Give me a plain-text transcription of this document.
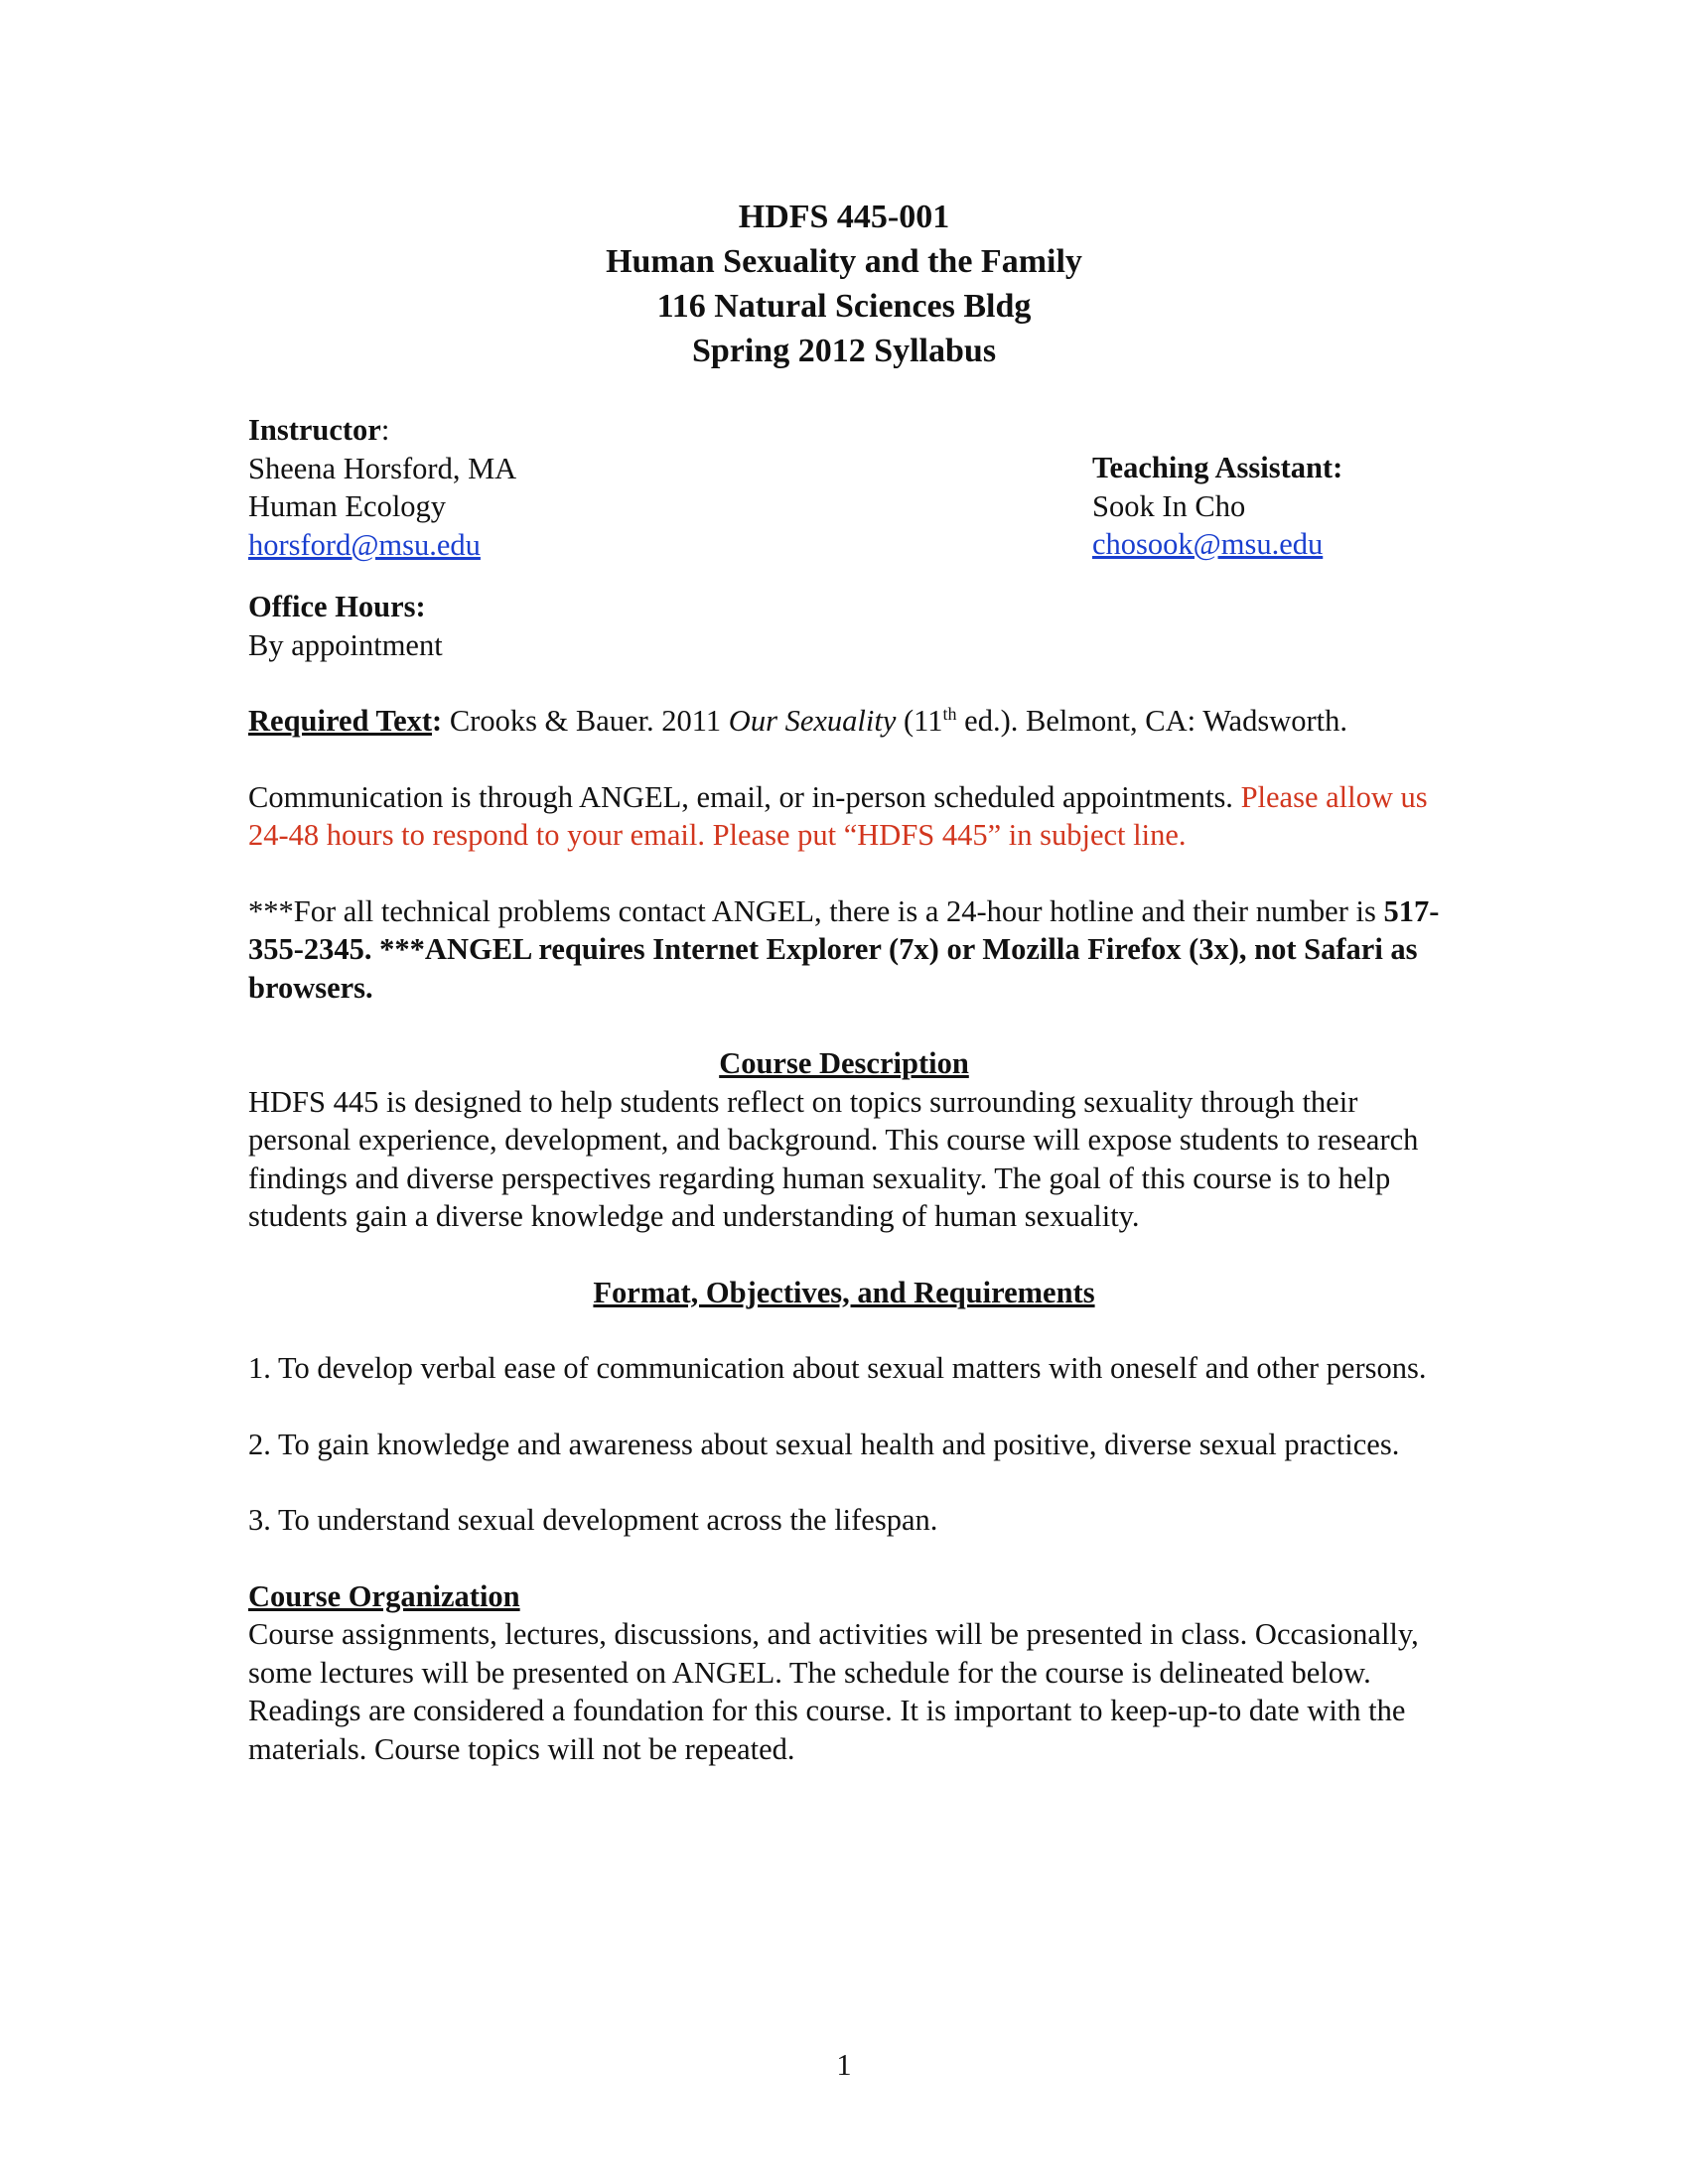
HDFS 445-001
Human Sexuality and the Family
116 Natural Sciences Bldg
Spring 2012 Syllabus
Instructor:
Sheena Horsford, MA
Human Ecology
horsford@msu.edu
Teaching Assistant:
Sook In Cho
chosook@msu.edu
Office Hours:
By appointment
Required Text: Crooks & Bauer. 2011 Our Sexuality (11th ed.). Belmont, CA: Wadsworth.
Communication is through ANGEL, email, or in-person scheduled appointments. Please allow us 24-48 hours to respond to your email. Please put “HDFS 445” in subject line.
***For all technical problems contact ANGEL, there is a 24-hour hotline and their number is 517-355-2345. ***ANGEL requires Internet Explorer (7x) or Mozilla Firefox (3x), not Safari as browsers.
Course Description
HDFS 445 is designed to help students reflect on topics surrounding sexuality through their personal experience, development, and background. This course will expose students to research findings and diverse perspectives regarding human sexuality. The goal of this course is to help students gain a diverse knowledge and understanding of human sexuality.
Format, Objectives, and Requirements
1. To develop verbal ease of communication about sexual matters with oneself and other persons.
2. To gain knowledge and awareness about sexual health and positive, diverse sexual practices.
3. To understand sexual development across the lifespan.
Course Organization
Course assignments, lectures, discussions, and activities will be presented in class. Occasionally, some lectures will be presented on ANGEL. The schedule for the course is delineated below. Readings are considered a foundation for this course. It is important to keep-up-to date with the materials. Course topics will not be repeated.
1
